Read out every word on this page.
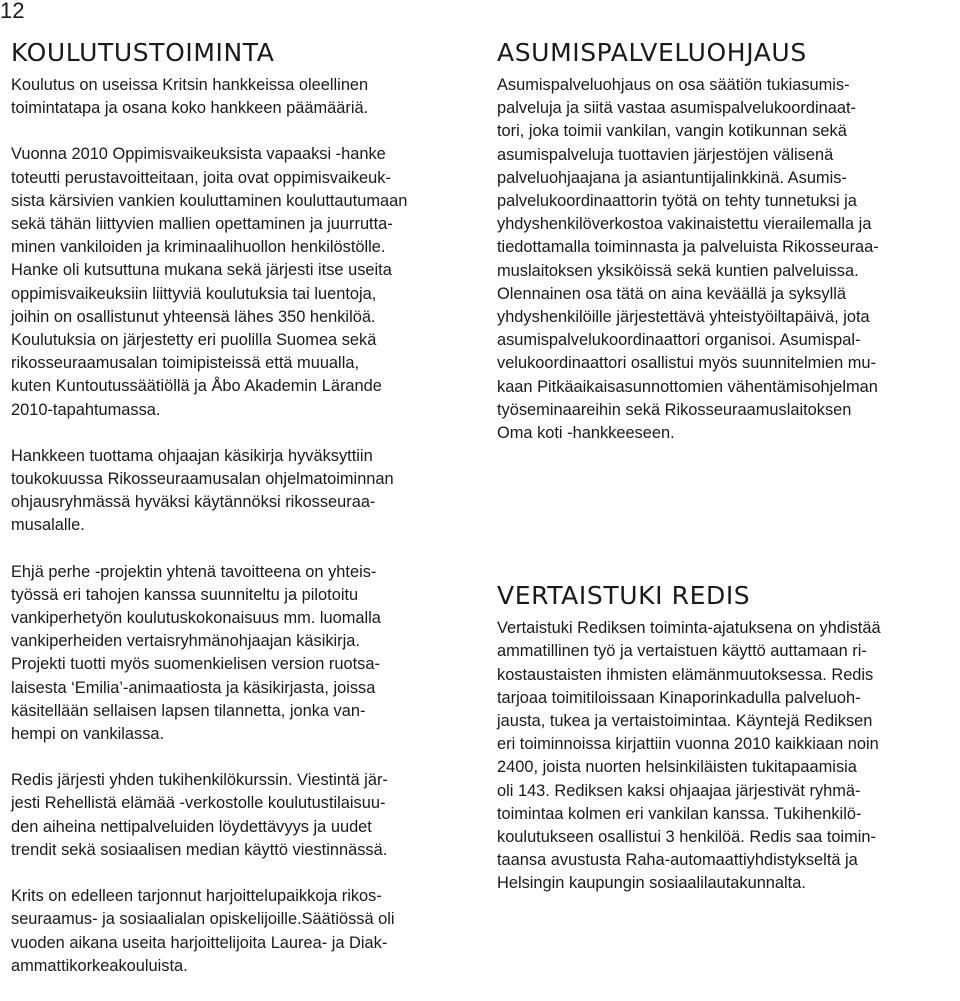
12
KOULUTUSTOIMINTA

Koulutus on useissa Kritsin hankkeissa oleellinen
toimintatapa ja osana koko hankkeen päämääriä.

Vuonna 2010 Oppimisvaikeuksista vapaaksi -hanke
toteutti perustavoitteitaan, joita ovat oppimisvaikeuk-
sista kärsivien vankien kouluttaminen kouluttautumaan
sekä tähän liittyvien mallien opettaminen ja juurrutta-
minen vankiloiden ja kriminaalihuollon henkilöstölle.
Hanke oli kutsuttuna mukana sekä järjesti itse useita
oppimisvaikeuksiin liittyviä koulutuksia tai luentoja,
joihin on osallistunut yhteensä lähes 350 henkilöä.
Koulutuksia on järjestetty eri puolilla Suomea sekä
rikosseuraamusalan toimipisteissä että muualla,
kuten Kuntoutussäätiöllä ja Åbo Akademin Lärande
2010-tapahtumassa.

Hankkeen tuottama ohjaajan käsikirja hyväksyttiin
toukokuussa Rikosseuraamusalan ohjelmatoiminnan
ohjausryhmässä hyväksi käytännöksi rikosseuraa-
musalalle.

Ehjä perhe -projektin yhtenä tavoitteena on yhteis-
työssä eri tahojen kanssa suunniteltu ja pilotoitu
vankiperhetyön koulutuskokonaisuus mm. luomalla
vankiperheiden vertaisryhmänohjaajan käsikirja.
Projekti tuotti myös suomenkielisen version ruotsa-
laisesta ‘Emilia’-animaatiosta ja käsikirjasta, joissa
käsitellään sellaisen lapsen tilannetta, jonka van-
hempi on vankilassa.

Redis järjesti yhden tukihenkilökurssin. Viestintä jär-
jesti Rehellistä elämää -verkostolle koulutustilaisuu-
den aiheina nettipalveluiden löydettävyys ja uudet
trendit sekä sosiaalisen median käyttö viestinnässä.

Krits on edelleen tarjonnut harjoittelupaikkoja rikos-
seuraamus- ja sosiaalialan opiskelijoille.Säätiössä oli
vuoden aikana useita harjoittelijoita Laurea- ja Diak-
ammattikorkeakouluista.

ASUMISPALVELUOHJAUS

Asumispalveluohjaus on osa säätiön tukiasumis-
palveluja ja siitä vastaa asumispalvelukoordinaat-
tori, joka toimii vankilan, vangin kotikunnan sekä
asumispalveluja tuottavien järjestöjen välisenä
palveluohjaajana ja asiantuntijalinkkinä. Asumis-
palvelukoordinaattorin työtä on tehty tunnetuksi ja
yhdyshenkilöverkostoa vakinaistettu vierailemalla ja
tiedottamalla toiminnasta ja palveluista Rikosseuraa-
muslaitoksen yksiköissä sekä kuntien palveluissa.
Olennainen osa tätä on aina keväällä ja syksyllä
yhdyshenkilöille järjestettävä yhteistyöiltapäivä, jota
asumispalvelukoordinaattori organisoi. Asumispal-
velukoordinaattori osallistui myös suunnitelmien mu-
kaan Pitkäaikaisasunnottomien vähentämisohjelman
työseminaareihin sekä Rikosseuraamuslaitoksen
Oma koti -hankkeeseen.

VERTAISTUKI REDIS

Vertaistuki Rediksen toiminta-ajatuksena on yhdistää
ammatillinen työ ja vertaistuen käyttö auttamaan ri-
kostaustaisten ihmisten elämänmuutoksessa. Redis
tarjoaa toimitiloissaan Kinaporinkadulla palveluoh-
jausta, tukea ja vertaistoimintaa. Käyntejä Rediksen
eri toiminnoissa kirjattiin vuonna 2010 kaikkiaan noin
2400, joista nuorten helsinkiläisten tukitapaamisia
oli 143. Rediksen kaksi ohjaajaa järjestivät ryhmä-
toimintaa kolmen eri vankilan kanssa. Tukihenkilö-
koulutukseen osallistui 3 henkilöä. Redis saa toimin-
taansa avustusta Raha-automaattiyhdistykseltä ja
Helsingin kaupungin sosiaalilautakunnalta.
